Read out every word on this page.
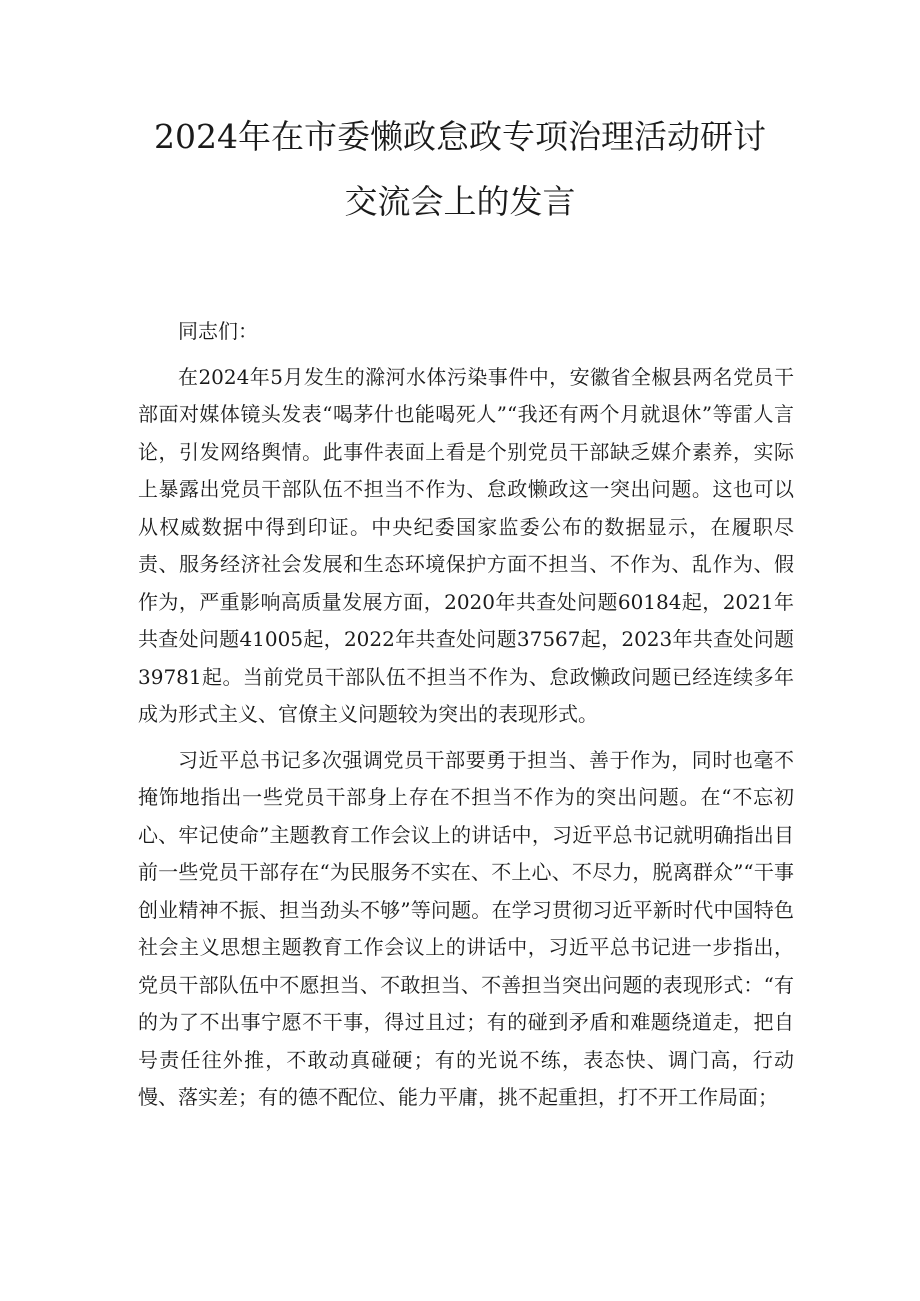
2024年在市委懒政怠政专项治理活动研讨
交流会上的发言

同志们：

在2024年5月发生的滁河水体污染事件中，安徽省全椒县两名党员干部面对媒体镜头发表“喝茅什也能喝死人”“我还有两个月就退休”等雷人言论，引发网络舆情。此事件表面上看是个别党员干部缺乏媒介素养，实际上暴露出党员干部队伍不担当不作为、怠政懒政这一突出问题。这也可以从权威数据中得到印证。中央纪委国家监委公布的数据显示，在履职尽责、服务经济社会发展和生态环境保护方面不担当、不作为、乱作为、假作为，严重影响高质量发展方面，2020年共查处问题60184起，2021年共查处问题41005起，2022年共查处问题37567起，2023年共查处问题39781起。当前党员干部队伍不担当不作为、怠政懒政问题已经连续多年成为形式主义、官僚主义问题较为突出的表现形式。

习近平总书记多次强调党员干部要勇于担当、善于作为，同时也毫不掩饰地指出一些党员干部身上存在不担当不作为的突出问题。在“不忘初心、牢记使命”主题教育工作会议上的讲话中，习近平总书记就明确指出目前一些党员干部存在“为民服务不实在、不上心、不尽力，脱离群众”“干事创业精神不振、担当劲头不够”等问题。在学习贯彻习近平新时代中国特色社会主义思想主题教育工作会议上的讲话中，习近平总书记进一步指出，党员干部队伍中不愿担当、不敢担当、不善担当突出问题的表现形式：“有的为了不出事宁愿不干事，得过且过；有的碰到矛盾和难题绕道走，把自号责任往外推，不敢动真碰硬；有的光说不练，表态快、调门高，行动慢、落实差；有的德不配位、能力平庸，挑不起重担，打不开工作局面；
